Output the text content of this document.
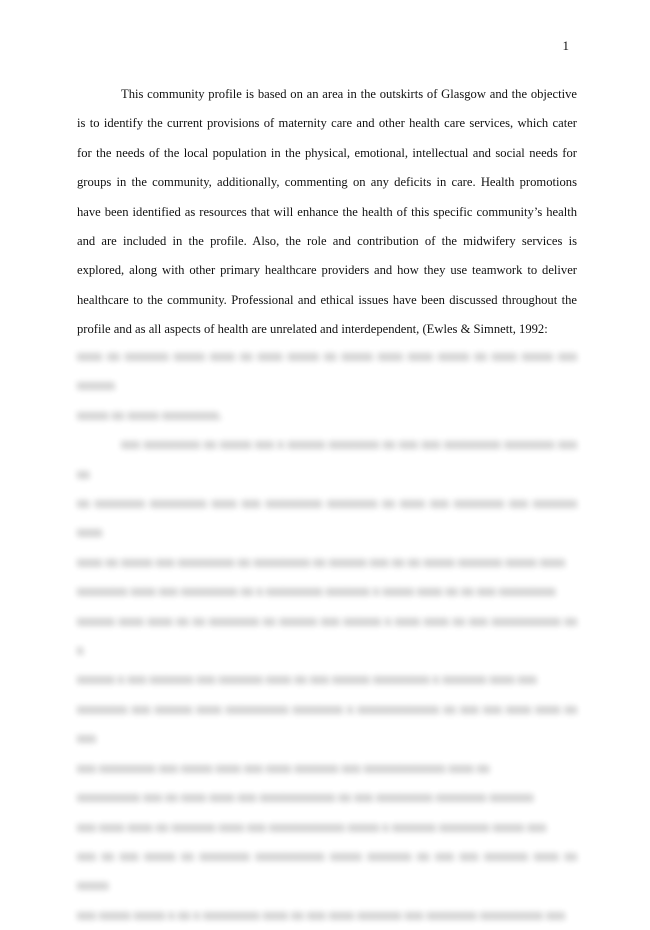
1

This community profile is based on an area in the outskirts of Glasgow and the objective is to identify the current provisions of maternity care and other health care services, which cater for the needs of the local population in the physical, emotional, intellectual and social needs for groups in the community, additionally, commenting on any deficits in care. Health promotions have been identified as resources that will enhance the health of this specific community’s health and are included in the profile. Also, the role and contribution of the midwifery services is explored, along with other primary healthcare providers and how they use teamwork to deliver healthcare to the community. Professional and ethical issues have been discussed throughout the profile and as all aspects of health are unrelated and interdependent, (Ewles & Simnett, 1992:

xxxx xx xxxxxxx xxxxx xxxx xx xxxx xxxxx xx xxxxx xxxx xxxx xxxxx xx xxxx xxxxx xxx xxxxxx

xxxxx xx xxxxx xxxxxxxxx.

xxx xxxxxxxxx xx xxxxx xxx x xxxxxx xxxxxxxx xx xxx xxx xxxxxxxxx xxxxxxxx xxx xx

xx xxxxxxxx xxxxxxxxx xxxx xxx xxxxxxxxx xxxxxxxx xx xxxx xxx xxxxxxxx xxx xxxxxxx xxxx

xxxx xx xxxxx xxx xxxxxxxxx xx xxxxxxxxx xx xxxxxx xxx xx xx xxxxx xxxxxxx xxxxx xxxx

xxxxxxxx xxxx xxx xxxxxxxxx xx x xxxxxxxxx xxxxxxx x xxxxx xxxx xx xx xxx xxxxxxxxx

xxxxxx xxxx xxxx xx xx xxxxxxxx xx xxxxxx xxx xxxxxx x xxxx xxxx xx xxx xxxxxxxxxxx xx x

xxxxxx x xxx xxxxxxx xxx xxxxxxx xxxx xx xxx xxxxxx xxxxxxxxx x xxxxxxx xxxx xxx

xxxxxxxx xxx xxxxxx xxxx xxxxxxxxxx xxxxxxxx x xxxxxxxxxxxxx xx xxx xxx xxxx xxxx xx xxx

xxx xxxxxxxxx xxx xxxxx xxxx xxx xxxx xxxxxxx xxx xxxxxxxxxxxxx xxxx xx

xxxxxxxxxx xxx xx xxxx xxxx xxx xxxxxxxxxxxx xx xxx xxxxxxxxx xxxxxxxx xxxxxxx

xxx xxxx xxxx xx xxxxxxx xxxx xxx xxxxxxxxxxxx xxxxx x xxxxxxx xxxxxxxx xxxxx xxx

xxx xx xxx xxxxx xx xxxxxxxx xxxxxxxxxxx xxxxx xxxxxxx xx xxx xxx xxxxxxx xxxx xx xxxxx

xxx xxxxx xxxxx x xx x xxxxxxxxx xxxx xx xxx xxxx xxxxxxx xxx xxxxxxxx xxxxxxxxxx xxx
